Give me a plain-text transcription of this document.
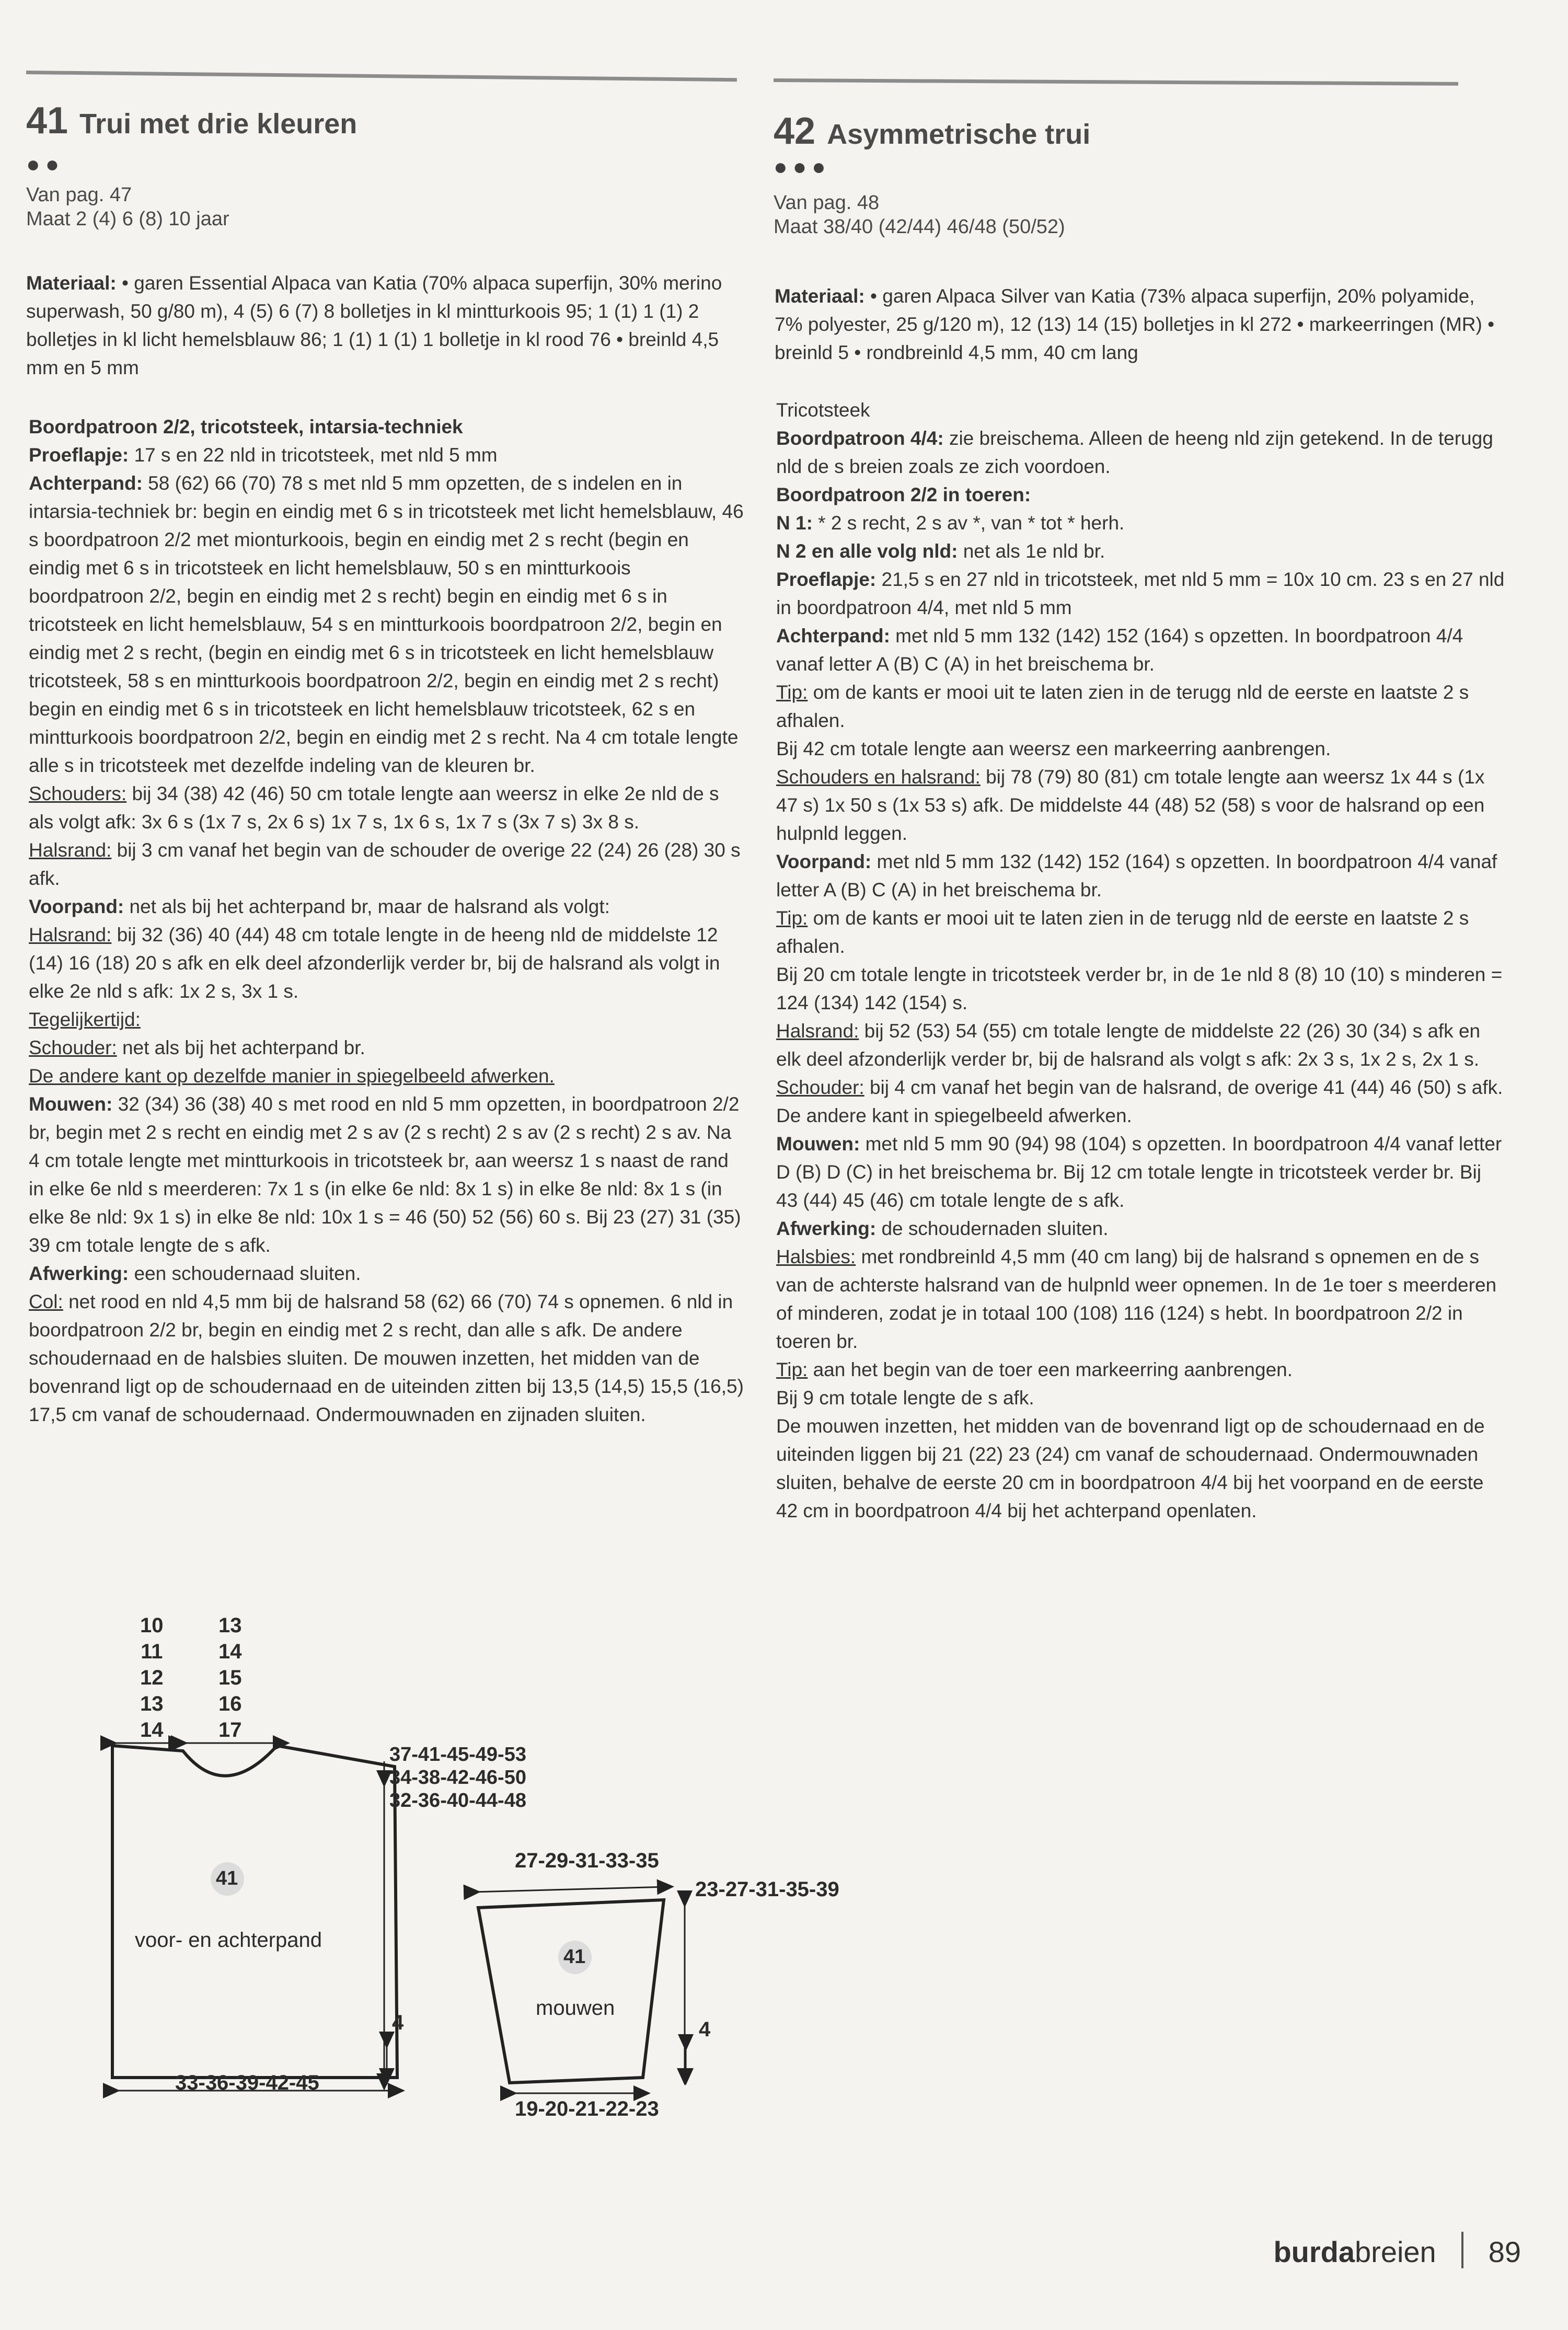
41 Trui met drie kleuren
●●
Van pag. 47
Maat 2 (4) 6 (8) 10 jaar

Materiaal: • garen Essential Alpaca van Katia (70% alpaca superfijn, 30% merino superwash, 50 g/80 m), 4 (5) 6 (7) 8 bolletjes in kl mintturkoois 95; 1 (1) 1 (1) 2 bolletjes in kl licht hemelsblauw 86; 1 (1) 1 (1) 1 bolletje in kl rood 76 • breinld 4,5 mm en 5 mm

Boordpatroon 2/2, tricotsteek, intarsia-techniek

Proeflapje: 17 s en 22 nld in tricotsteek, met nld 5 mm

Achterpand: 58 (62) 66 (70) 78 s met nld 5 mm opzetten, de s indelen en in intarsia-techniek br: begin en eindig met 6 s in tricotsteek met licht hemelsblauw, 46 s boordpatroon 2/2 met mionturkoois, begin en eindig met 2 s recht (begin en eindig met 6 s in tricotsteek en licht hemelsblauw, 50 s en mintturkoois boordpatroon 2/2, begin en eindig met 2 s recht) begin en eindig met 6 s in tricotsteek en licht hemelsblauw, 54 s en mintturkoois boordpatroon 2/2, begin en eindig met 2 s recht, (begin en eindig met 6 s in tricotsteek en licht hemelsblauw tricotsteek, 58 s en mintturkoois boordpatroon 2/2, begin en eindig met 2 s recht) begin en eindig met 6 s in tricotsteek en licht hemelsblauw tricotsteek, 62 s en mintturkoois boordpatroon 2/2, begin en eindig met 2 s recht. Na 4 cm totale lengte alle s in tricotsteek met dezelfde indeling van de kleuren br.

Schouders: bij 34 (38) 42 (46) 50 cm totale lengte aan weersz in elke 2e nld de s als volgt afk: 3x 6 s (1x 7 s, 2x 6 s) 1x 7 s, 1x 6 s, 1x 7 s (3x 7 s) 3x 8 s.

Halsrand: bij 3 cm vanaf het begin van de schouder de overige 22 (24) 26 (28) 30 s afk.

Voorpand: net als bij het achterpand br, maar de halsrand als volgt:

Halsrand: bij 32 (36) 40 (44) 48 cm totale lengte in de heeng nld de middelste 12 (14) 16 (18) 20 s afk en elk deel afzonderlijk verder br, bij de halsrand als volgt in elke 2e nld s afk: 1x 2 s, 3x 1 s.

Tegelijkertijd:

Schouder: net als bij het achterpand br.

De andere kant op dezelfde manier in spiegelbeeld afwerken.

Mouwen: 32 (34) 36 (38) 40 s met rood en nld 5 mm opzetten, in boordpatroon 2/2 br, begin met 2 s recht en eindig met 2 s av (2 s recht) 2 s av (2 s recht) 2 s av. Na 4 cm totale lengte met mintturkoois in tricotsteek br, aan weersz 1 s naast de rand in elke 6e nld s meerderen: 7x 1 s (in elke 6e nld: 8x 1 s) in elke 8e nld: 8x 1 s (in elke 8e nld: 9x 1 s) in elke 8e nld: 10x 1 s = 46 (50) 52 (56) 60 s. Bij 23 (27) 31 (35) 39 cm totale lengte de s afk.

Afwerking: een schoudernaad sluiten.

Col: net rood en nld 4,5 mm bij de halsrand 58 (62) 66 (70) 74 s opnemen. 6 nld in boordpatroon 2/2 br, begin en eindig met 2 s recht, dan alle s afk. De andere schoudernaad en de halsbies sluiten. De mouwen inzetten, het midden van de bovenrand ligt op de schoudernaad en de uiteinden zitten bij 13,5 (14,5) 15,5 (16,5) 17,5 cm vanaf de schoudernaad. Ondermouwnaden en zijnaden sluiten.

42 Asymmetrische trui
●●●
Van pag. 48
Maat 38/40 (42/44) 46/48 (50/52)

Materiaal: • garen Alpaca Silver van Katia (73% alpaca superfijn, 20% polyamide, 7% polyester, 25 g/120 m), 12 (13) 14 (15) bolletjes in kl 272 • markeerringen (MR) • breinld 5 • rondbreinld 4,5 mm, 40 cm lang

Tricotsteek

Boordpatroon 4/4: zie breischema. Alleen de heeng nld zijn getekend. In de terugg nld de s breien zoals ze zich voordoen.

Boordpatroon 2/2 in toeren:

N 1: * 2 s recht, 2 s av *, van * tot * herh.

N 2 en alle volg nld: net als 1e nld br.

Proeflapje: 21,5 s en 27 nld in tricotsteek, met nld 5 mm = 10x 10 cm. 23 s en 27 nld in boordpatroon 4/4, met nld 5 mm

Achterpand: met nld 5 mm 132 (142) 152 (164) s opzetten. In boordpatroon 4/4 vanaf letter A (B) C (A) in het breischema br.

Tip: om de kants er mooi uit te laten zien in de terugg nld de eerste en laatste 2 s afhalen.

Bij 42 cm totale lengte aan weersz een markeerring aanbrengen.

Schouders en halsrand: bij 78 (79) 80 (81) cm totale lengte aan weersz 1x 44 s (1x 47 s) 1x 50 s (1x 53 s) afk. De middelste 44 (48) 52 (58) s voor de halsrand op een hulpnld leggen.

Voorpand: met nld 5 mm 132 (142) 152 (164) s opzetten. In boordpatroon 4/4 vanaf letter A (B) C (A) in het breischema br.

Tip: om de kants er mooi uit te laten zien in de terugg nld de eerste en laatste 2 s afhalen.

Bij 20 cm totale lengte in tricotsteek verder br, in de 1e nld 8 (8) 10 (10) s minderen = 124 (134) 142 (154) s.

Halsrand: bij 52 (53) 54 (55) cm totale lengte de middelste 22 (26) 30 (34) s afk en elk deel afzonderlijk verder br, bij de halsrand als volgt s afk: 2x 3 s, 1x 2 s, 2x 1 s.

Schouder: bij 4 cm vanaf het begin van de halsrand, de overige 41 (44) 46 (50) s afk. De andere kant in spiegelbeeld afwerken.

Mouwen: met nld 5 mm 90 (94) 98 (104) s opzetten. In boordpatroon 4/4 vanaf letter D (B) D (C) in het breischema br. Bij 12 cm totale lengte in tricotsteek verder br. Bij 43 (44) 45 (46) cm totale lengte de s afk.

Afwerking: de schoudernaden sluiten.

Halsbies: met rondbreinld 4,5 mm (40 cm lang) bij de halsrand s opnemen en de s van de achterste halsrand van de hulpnld weer opnemen. In de 1e toer s meerderen of minderen, zodat je in totaal 100 (108) 116 (124) s hebt. In boordpatroon 2/2 in toeren br.

Tip: aan het begin van de toer een markeerring aanbrengen.

Bij 9 cm totale lengte de s afk.

De mouwen inzetten, het midden van de bovenrand ligt op de schoudernaad en de uiteinden liggen bij 21 (22) 23 (24) cm vanaf de schoudernaad. Ondermouwnaden sluiten, behalve de eerste 20 cm in boordpatroon 4/4 bij het voorpand en de eerste 42 cm in boordpatroon 4/4 bij het achterpand openlaten.

10
11
12
13
14
13
14
15
16
17
37-41-45-49-53
34-38-42-46-50
32-36-40-44-48
41
voor- en achterpand
4
33-36-39-42-45
27-29-31-33-35
23-27-31-35-39
41
mouwen
4
19-20-21-22-23
burdabreien 89
